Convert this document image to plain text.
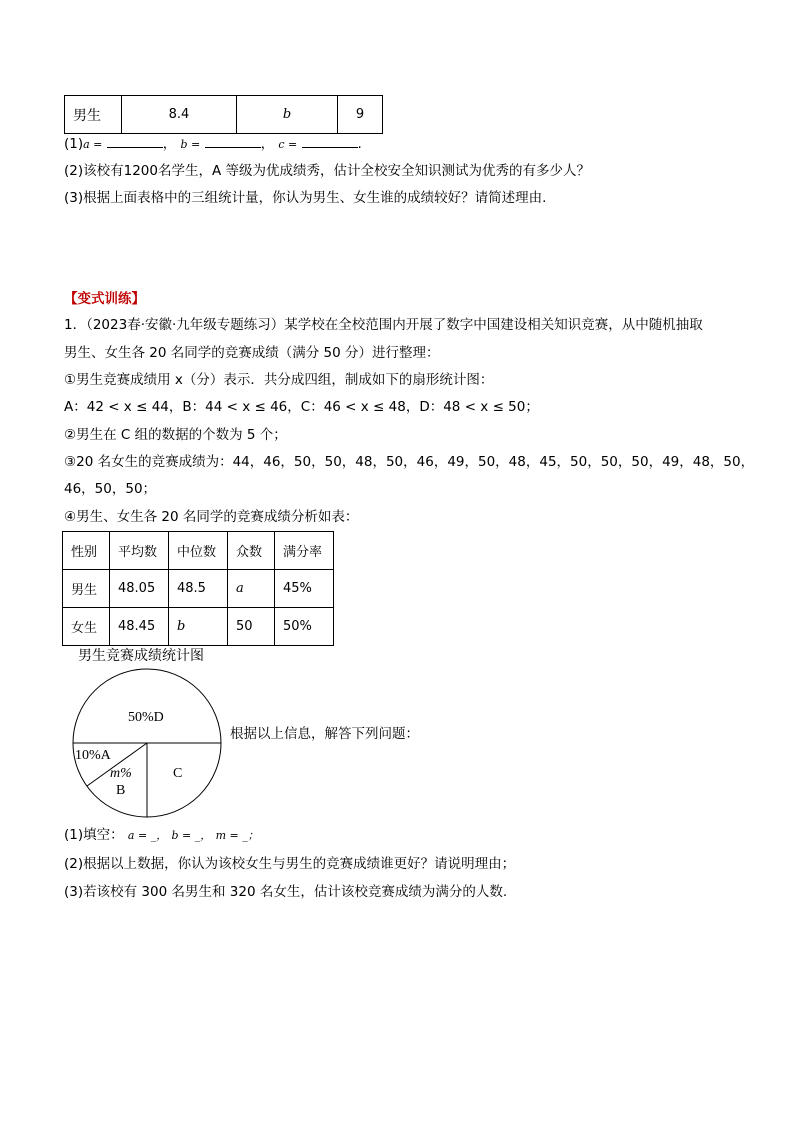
男生	8.4	b	9
(1)a =	， b =	， c =	.
(2)该校有1200名学生，A 等级为优成绩秀，估计全校安全知识测试为优秀的有多少人？
(3)根据上面表格中的三组统计量，你认为男生、女生谁的成绩较好？请简述理由.
【变式训练】
1．（2023春·安徽·九年级专题练习）某学校在全校范围内开展了数字中国建设相关知识竞赛，从中随机抽取
男生、女生各 20 名同学的竞赛成绩（满分 50 分）进行整理：
①男生竞赛成绩用 x（分）表示．共分成四组，制成如下的扇形统计图：
A：42 < x ≤ 44，B：44 < x ≤ 46，C：46 < x ≤ 48，D：48 < x ≤ 50；
②男生在 C 组的数据的个数为 5 个；
③20 名女生的竞赛成绩为：44，46，50，50，48，50，46，49，50，48，45，50，50，50，49，48，50，
46，50，50；
④男生、女生各 20 名同学的竞赛成绩分析如表：
性别	平均数	中位数	众数	满分率
男生	48.05	48.5	a	45%
女生	48.45	b	50	50%
男生竞赛成绩统计图
50%D
10%A
m%
B
C
根据以上信息，解答下列问题：
(1)填空： a = _， b = _， m = _；
(2)根据以上数据，你认为该校女生与男生的竞赛成绩谁更好？请说明理由；
(3)若该校有 300 名男生和 320 名女生，估计该校竞赛成绩为满分的人数.
